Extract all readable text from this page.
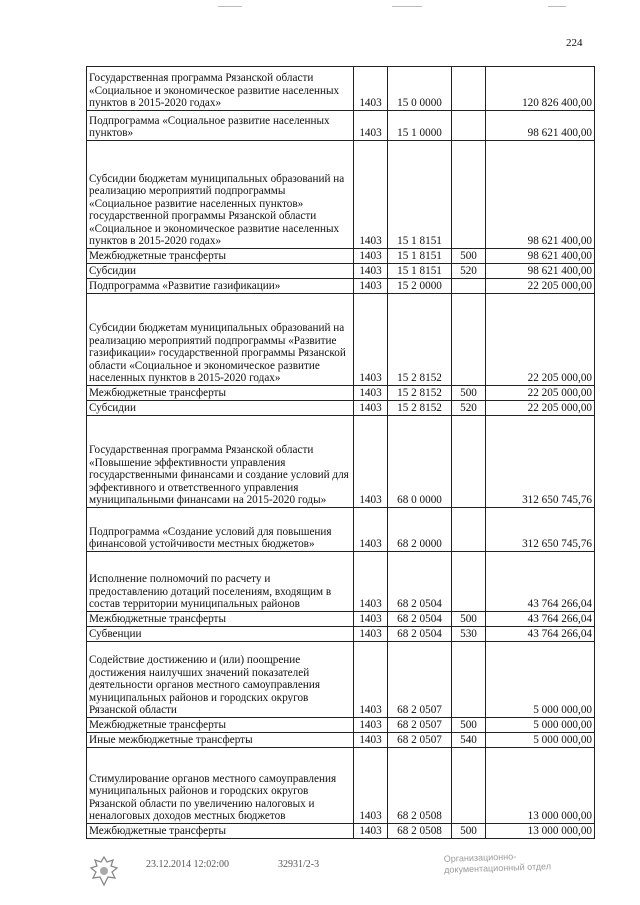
224
Государственная программа Рязанской области «Социальное и экономическое развитие населенных пунктов в 2015-2020 годах»	1403	15 0 0000		120 826 400,00
Подпрограмма «Социальное развитие населенных пунктов»	1403	15 1 0000		98 621 400,00
Субсидии бюджетам муниципальных образований на реализацию мероприятий подпрограммы «Социальное развитие населенных пунктов» государственной программы Рязанской области «Социальное и экономическое развитие населенных пунктов в 2015-2020 годах»	1403	15 1 8151		98 621 400,00
Межбюджетные трансферты	1403	15 1 8151	500	98 621 400,00
Субсидии	1403	15 1 8151	520	98 621 400,00
Подпрограмма «Развитие газификации»	1403	15 2 0000		22 205 000,00
Субсидии бюджетам муниципальных образований на реализацию мероприятий подпрограммы «Развитие газификации» государственной программы Рязанской области «Социальное и экономическое развитие населенных пунктов в 2015-2020 годах»	1403	15 2 8152		22 205 000,00
Межбюджетные трансферты	1403	15 2 8152	500	22 205 000,00
Субсидии	1403	15 2 8152	520	22 205 000,00
Государственная программа Рязанской области «Повышение эффективности управления государственными финансами и создание условий для эффективного и ответственного управления муниципальными финансами на 2015-2020 годы»	1403	68 0 0000		312 650 745,76
Подпрограмма «Создание условий для повышения финансовой устойчивости местных бюджетов»	1403	68 2 0000		312 650 745,76
Исполнение полномочий по расчету и предоставлению дотаций поселениям, входящим в состав территории муниципальных районов	1403	68 2 0504		43 764 266,04
Межбюджетные трансферты	1403	68 2 0504	500	43 764 266,04
Субвенции	1403	68 2 0504	530	43 764 266,04
Содействие достижению и (или) поощрение достижения наилучших значений показателей деятельности органов местного самоуправления муниципальных районов и городских округов Рязанской области	1403	68 2 0507		5 000 000,00
Межбюджетные трансферты	1403	68 2 0507	500	5 000 000,00
Иные межбюджетные трансферты	1403	68 2 0507	540	5 000 000,00
Стимулирование органов местного самоуправления муниципальных районов и городских округов Рязанской области по увеличению налоговых и неналоговых доходов местных бюджетов	1403	68 2 0508		13 000 000,00
Межбюджетные трансферты	1403	68 2 0508	500	13 000 000,00
23.12.2014 12:02:00	32931/2-3
Организационно-
документационный отдел
